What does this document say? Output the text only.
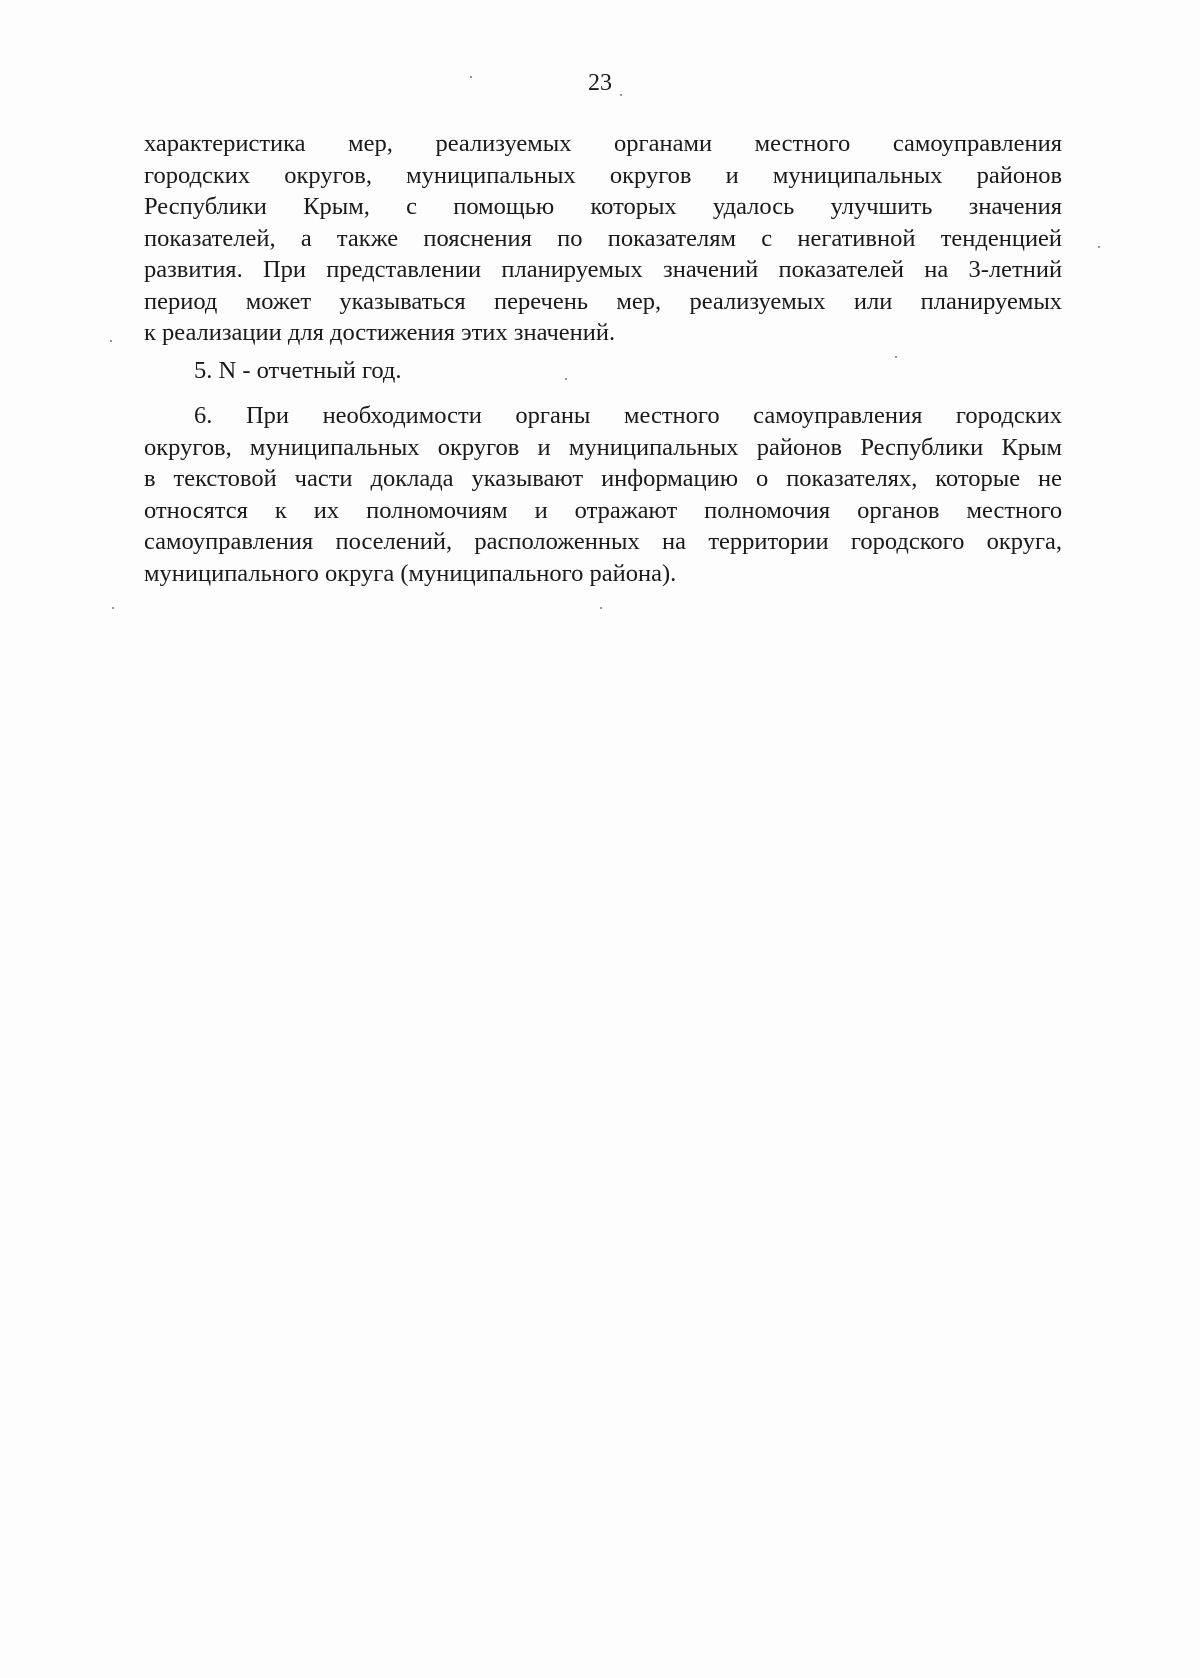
23
характеристика мер, реализуемых органами местного самоуправления
городских округов, муниципальных округов и муниципальных районов
Республики Крым, с помощью которых удалось улучшить значения
показателей, а также пояснения по показателям с негативной тенденцией
развития. При представлении планируемых значений показателей на 3-летний
период может указываться перечень мер, реализуемых или планируемых
к реализации для достижения этих значений.
5. N - отчетный год.
6. При необходимости органы местного самоуправления городских
округов, муниципальных округов и муниципальных районов Республики Крым
в текстовой части доклада указывают информацию о показателях, которые не
относятся к их полномочиям и отражают полномочия органов местного
самоуправления поселений, расположенных на территории городского округа,
муниципального округа (муниципального района).
